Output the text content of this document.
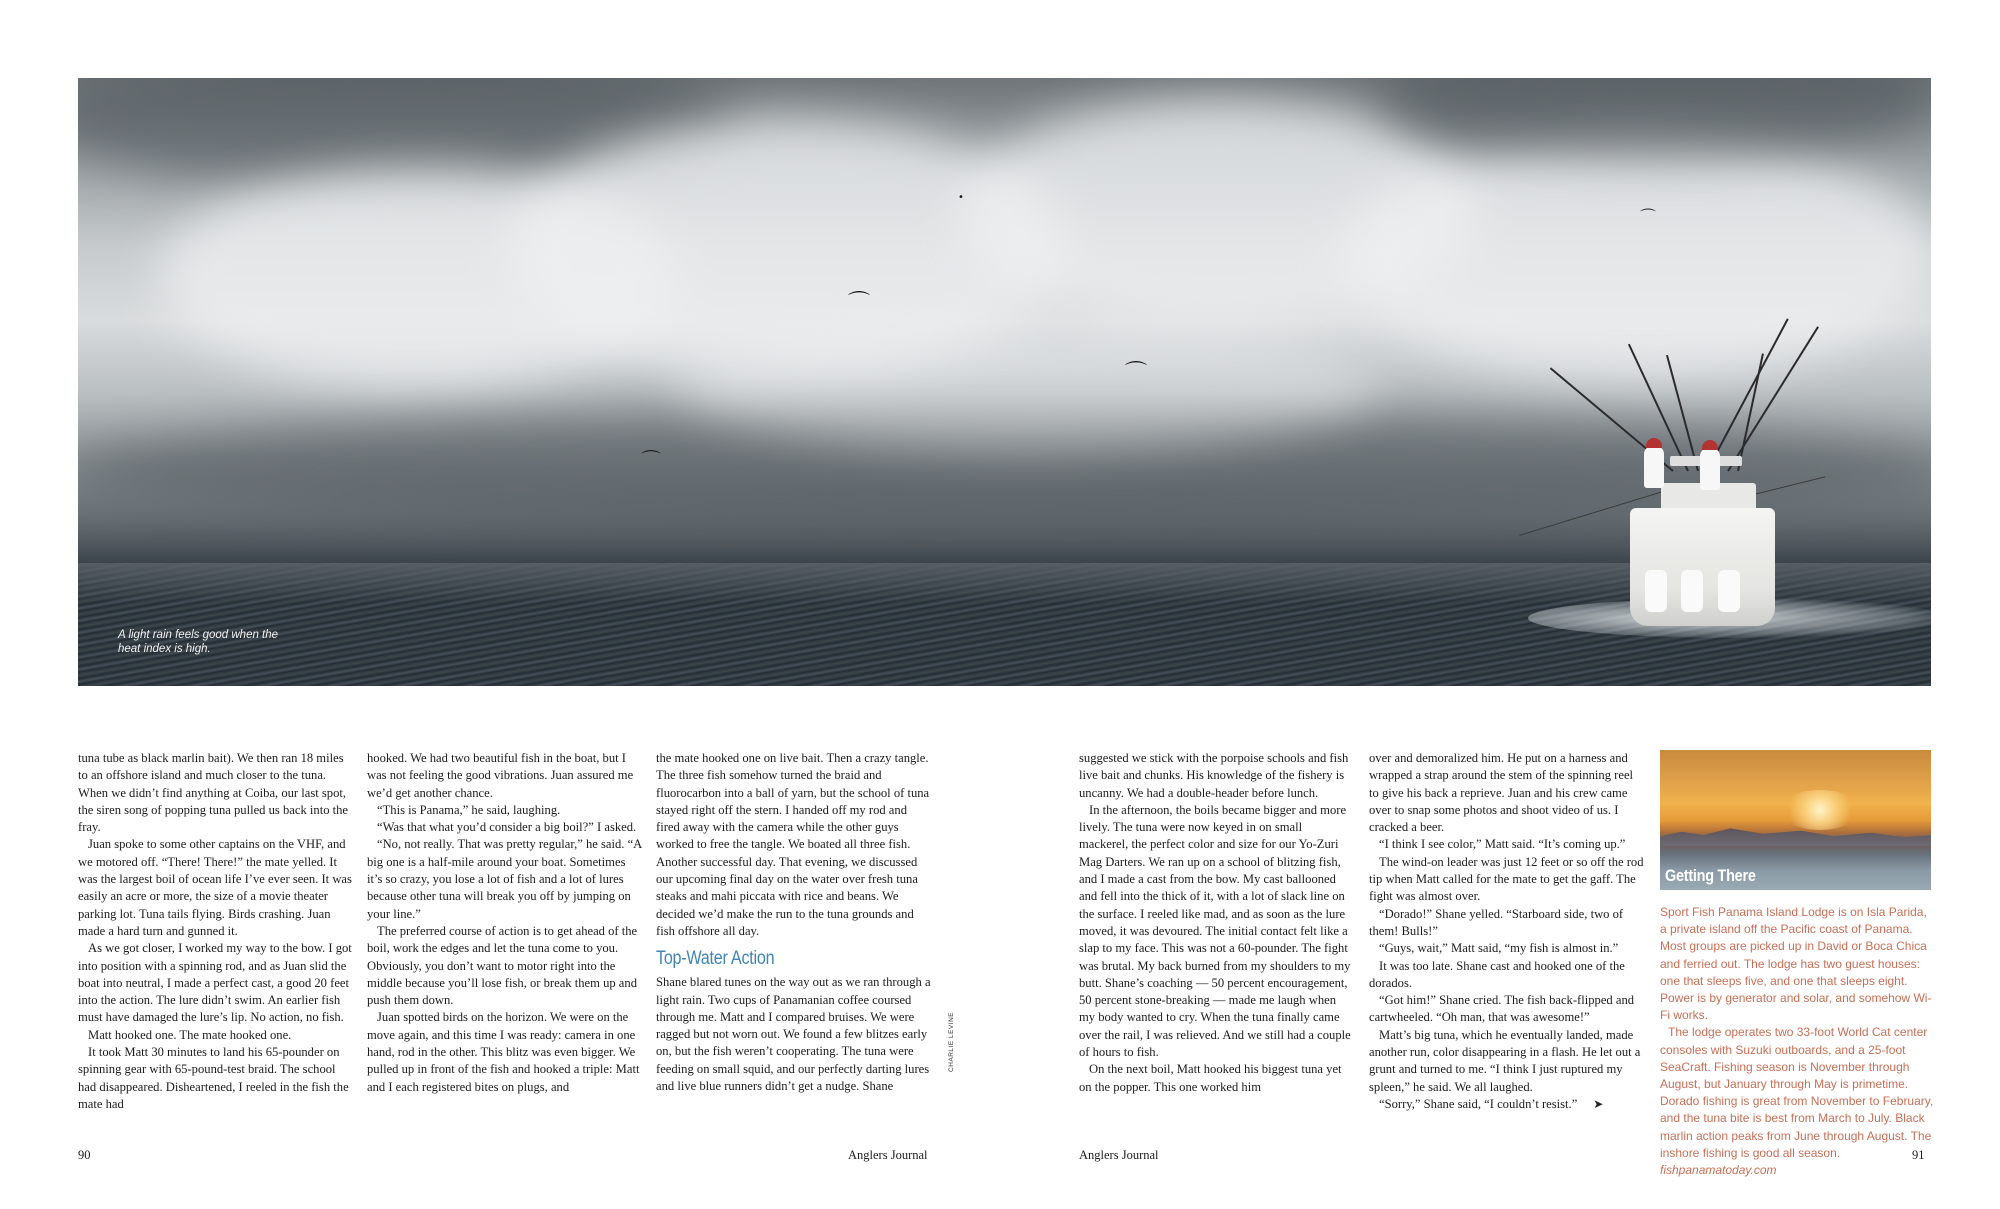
⌒
⌒
⌒
⌒
•
A light rain feels good when the heat index is high.

tuna tube as black marlin bait). We then ran 18 miles to an offshore island and much closer to the tuna. When we didn’t find anything at Coiba, our last spot, the siren song of popping tuna pulled us back into the fray.

Juan spoke to some other captains on the VHF, and we motored off. “There! There!” the mate yelled. It was the largest boil of ocean life I’ve ever seen. It was easily an acre or more, the size of a movie theater parking lot. Tuna tails flying. Birds crashing. Juan made a hard turn and gunned it.

As we got closer, I worked my way to the bow. I got into position with a spinning rod, and as Juan slid the boat into neutral, I made a perfect cast, a good 20 feet into the action. The lure didn’t swim. An earlier fish must have damaged the lure’s lip. No action, no fish.

Matt hooked one. The mate hooked one.

It took Matt 30 minutes to land his 65-pounder on spinning gear with 65-pound-test braid. The school had disappeared. Disheartened, I reeled in the fish the mate had

hooked. We had two beautiful fish in the boat, but I was not feeling the good vibrations. Juan assured me we’d get another chance.

“This is Panama,” he said, laughing.

“Was that what you’d consider a big boil?” I asked.

“No, not really. That was pretty regular,” he said. “A big one is a half-mile around your boat. Sometimes it’s so crazy, you lose a lot of fish and a lot of lures because other tuna will break you off by jumping on your line.”

The preferred course of action is to get ahead of the boil, work the edges and let the tuna come to you. Obviously, you don’t want to motor right into the middle because you’ll lose fish, or break them up and push them down.

Juan spotted birds on the horizon. We were on the move again, and this time I was ready: camera in one hand, rod in the other. This blitz was even bigger. We pulled up in front of the fish and hooked a triple: Matt and I each registered bites on plugs, and

the mate hooked one on live bait. Then a crazy tangle. The three fish somehow turned the braid and fluorocarbon into a ball of yarn, but the school of tuna stayed right off the stern. I handed off my rod and fired away with the camera while the other guys worked to free the tangle. We boated all three fish. Another successful day. That evening, we discussed our upcoming final day on the water over fresh tuna steaks and mahi piccata with rice and beans. We decided we’d make the run to the tuna grounds and fish offshore all day.

Top-Water Action

Shane blared tunes on the way out as we ran through a light rain. Two cups of Panamanian coffee coursed through me. Matt and I compared bruises. We were ragged but not worn out. We found a few blitzes early on, but the fish weren’t cooperating. The tuna were feeding on small squid, and our perfectly darting lures and live blue runners didn’t get a nudge. Shane

CHARLIE LEVINE

suggested we stick with the porpoise schools and fish live bait and chunks. His knowledge of the fishery is uncanny. We had a double-header before lunch.

In the afternoon, the boils became bigger and more lively. The tuna were now keyed in on small mackerel, the perfect color and size for our Yo-Zuri Mag Darters. We ran up on a school of blitzing fish, and I made a cast from the bow. My cast ballooned and fell into the thick of it, with a lot of slack line on the surface. I reeled like mad, and as soon as the lure moved, it was devoured. The initial contact felt like a slap to my face. This was not a 60-pounder. The fight was brutal. My back burned from my shoulders to my butt. Shane’s coaching — 50 percent encouragement, 50 percent stone-breaking — made me laugh when my body wanted to cry. When the tuna finally came over the rail, I was relieved. And we still had a couple of hours to fish.

On the next boil, Matt hooked his biggest tuna yet on the popper. This one worked him

over and demoralized him. He put on a harness and wrapped a strap around the stem of the spinning reel to give his back a reprieve. Juan and his crew came over to snap some photos and shoot video of us. I cracked a beer.

“I think I see color,” Matt said. “It’s coming up.”

The wind-on leader was just 12 feet or so off the rod tip when Matt called for the mate to get the gaff. The fight was almost over.

“Dorado!” Shane yelled. “Starboard side, two of them! Bulls!”

“Guys, wait,” Matt said, “my fish is almost in.”

It was too late. Shane cast and hooked one of the dorados.

“Got him!” Shane cried. The fish back-flipped and cartwheeled. “Oh man, that was awesome!”

Matt’s big tuna, which he eventually landed, made another run, color disappearing in a flash. He let out a grunt and turned to me. “I think I just ruptured my spleen,” he said. We all laughed.

“Sorry,” Shane said, “I couldn’t resist.” ➤

Getting There

Sport Fish Panama Island Lodge is on Isla Parida, a private island off the Pacific coast of Panama. Most groups are picked up in David or Boca Chica and ferried out. The lodge has two guest houses: one that sleeps five, and one that sleeps eight. Power is by generator and solar, and somehow Wi-Fi works.

The lodge operates two 33-foot World Cat center consoles with Suzuki outboards, and a 25-foot SeaCraft. Fishing season is November through August, but January through May is primetime. Dorado fishing is great from November to February, and the tuna bite is best from March to July. Black marlin action peaks from June through August. The inshore fishing is good all season. fishpanamatoday.com

90	Anglers Journal	Anglers Journal	91
